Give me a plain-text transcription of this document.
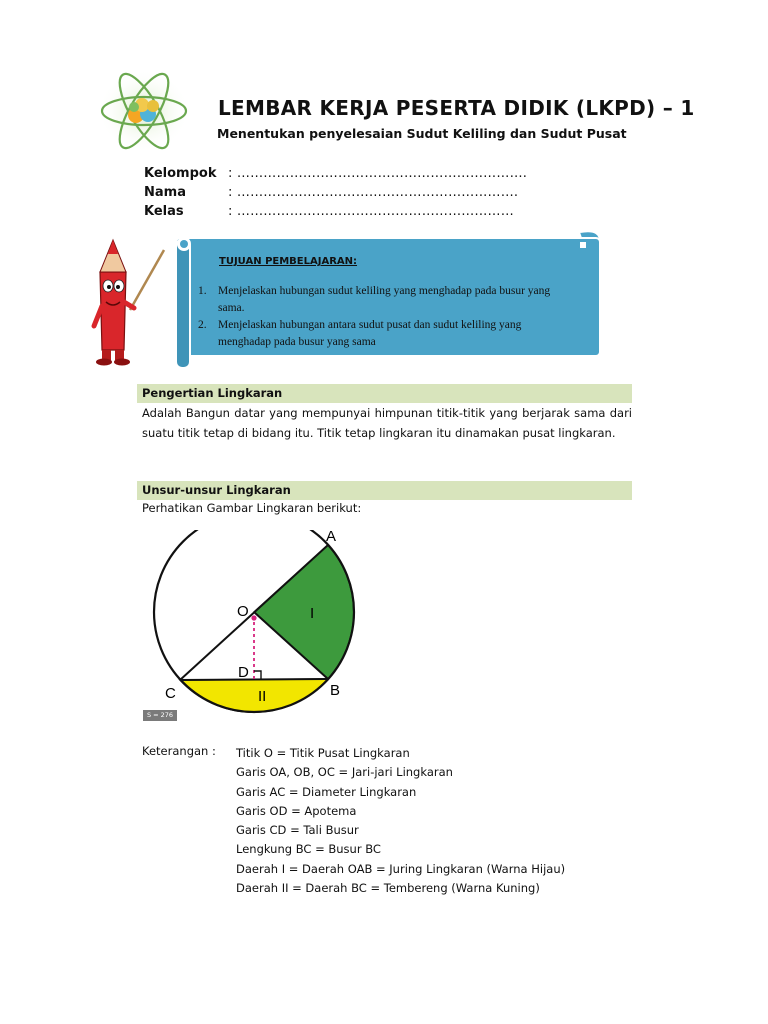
LEMBAR KERJA PESERTA DIDIK (LKPD) – 1
Menentukan penyelesaian Sudut Keliling dan Sudut Pusat
Kelompok : ………………..……………………………………….
Nama	: ………………………………………………...…….
Kelas	: ………………………………………………...……
TUJUAN PEMBELAJARAN:
1. Menjelaskan hubungan sudut keliling yang menghadap pada busur yang sama.
2. Menjelaskan hubungan antara sudut pusat dan sudut keliling yang menghadap pada busur yang sama
Pengertian Lingkaran
Adalah Bangun datar yang mempunyai himpunan titik-titik yang berjarak sama dari suatu titik tetap di bidang itu. Titik tetap lingkaran itu dinamakan pusat lingkaran.
Unsur-unsur Lingkaran
Perhatikan Gambar Lingkaran berikut:
A
O
D
B
C
I
II
S = 276
Keterangan : Titik O = Titik Pusat Lingkaran
Garis OA, OB, OC = Jari-jari Lingkaran
Garis AC = Diameter Lingkaran
Garis OD = Apotema
Garis CD = Tali Busur
Lengkung BC = Busur BC
Daerah I = Daerah OAB = Juring Lingkaran (Warna Hijau)
Daerah II = Daerah BC = Tembereng (Warna Kuning)
